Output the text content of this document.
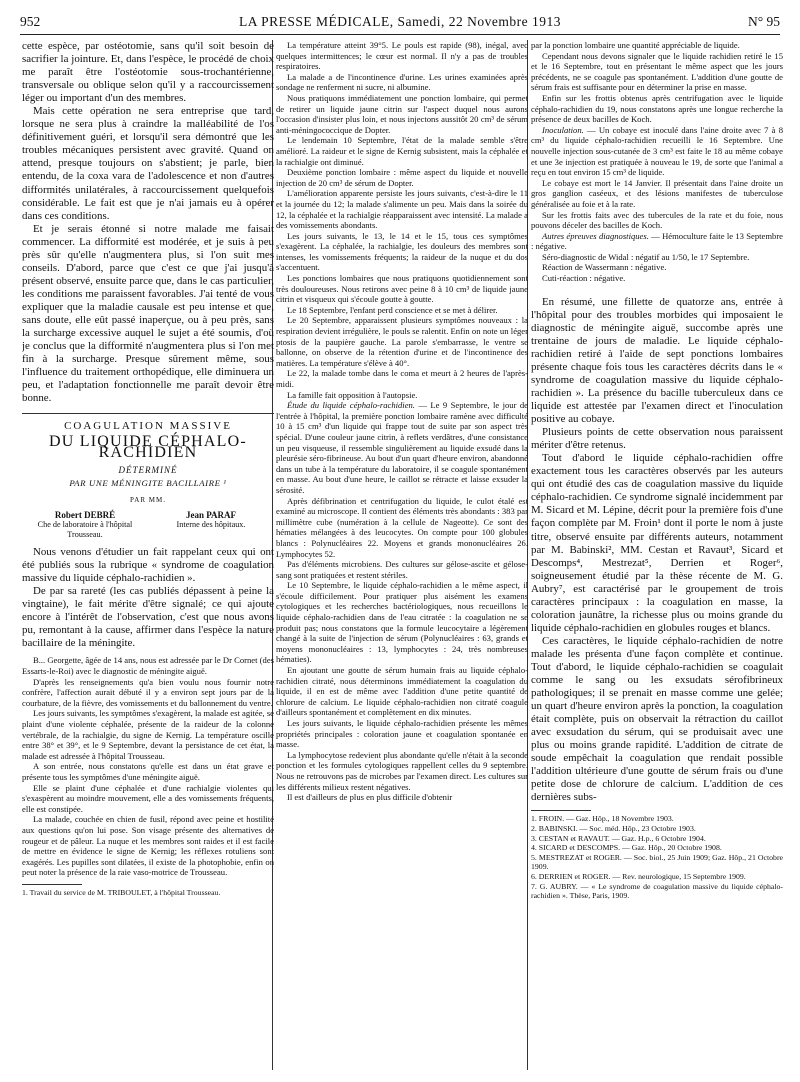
LA PRESSE MÉDICALE, Samedi, 22 Novembre 1913
952	N° 95

cette espèce, par ostéotomie, sans qu'il soit besoin de sacrifier la jointure. Et, dans l'espèce, le procédé de choix me paraît être l'ostéotomie sous-trochantérienne, transversale ou oblique selon qu'il y a raccourcissement léger ou important d'un des membres.

Mais cette opération ne sera entreprise que tard, lorsque ne sera plus à craindre la malléabilité de l'os définitivement guéri, et lorsqu'il sera démontré que les troubles mécaniques persistent avec gravité. Quand on attend, presque toujours on s'abstient; je parle, bien entendu, de la coxa vara de l'adolescence et non d'autres difformités unilatérales, à raccourcissement quelquefois considérable. Le fait est que je n'ai jamais eu à opérer dans ces conditions.

Et je serais étonné si notre malade me faisait commencer. La difformité est modérée, et je suis à peu près sûr qu'elle n'augmentera plus, si l'on suit mes conseils. D'abord, parce que c'est ce que j'ai jusqu'à présent observé, ensuite parce que, dans le cas particulier, les conditions me paraissent favorables. J'ai tenté de vous expliquer que la maladie causale est peu intense et que, sans doute, elle eût passé inaperçue, ou à peu près, sans la surcharge excessive auquel le sujet a été soumis, d'où je conclus que la difformité n'augmentera plus si l'on met fin à la surcharge. Presque sûrement même, sous l'influence du traitement orthopédique, elle diminuera un peu, et l'adaptation fonctionnelle me paraît devoir être bonne.

COAGULATION MASSIVE
DU LIQUIDE CÉPHALO-RACHIDIEN
DÉTERMINÉ
PAR UNE MÉNINGITE BACILLAIRE ¹
PAR MM.
Robert DEBRÉ
Che de laboratoire à l'hôpital Trousseau.
Jean PARAF
Interne des hôpitaux.

Nous venons d'étudier un fait rappelant ceux qui ont été publiés sous la rubrique « syndrome de coagulation massive du liquide céphalo-rachidien ».

De par sa rareté (les cas publiés dépassent à peine la vingtaine), le fait mérite d'être signalé; ce qui ajoute encore à l'intérêt de l'observation, c'est que nous avons pu, remontant à la cause, affirmer dans l'espèce la nature bacillaire de la méningite.

B... Georgette, âgée de 14 ans, nous est adressée par le Dr Cornet (des Essarts-le-Roi) avec le diagnostic de méningite aiguë.

D'après les renseignements qu'a bien voulu nous fournir notre confrère, l'affection aurait débuté il y a environ sept jours par de la courbature, de la fièvre, des vomissements et du ballonnement du ventre.

Les jours suivants, les symptômes s'exagèrent, la malade est agitée, se plaint d'une violente céphalée, présente de la raideur de la colonne vertébrale, de la rachialgie, du signe de Kernig. La température oscille entre 38° et 39°, et le 9 Septembre, devant la persistance de cet état, la malade est adressée à l'hôpital Trousseau.

A son entrée, nous constatons qu'elle est dans un état grave et présente tous les symptômes d'une méningite aiguë.

Elle se plaint d'une céphalée et d'une rachialgie violentes qui s'exaspèrent au moindre mouvement, elle a des vomissements fréquents, elle est constipée.

La malade, couchée en chien de fusil, répond avec peine et hostilité aux questions qu'on lui pose. Son visage présente des alternatives de rougeur et de pâleur. La nuque et les membres sont raides et il est facile de mettre en évidence le signe de Kernig; les réflexes rotuliens sont exagérés. Les pupilles sont dilatées, il existe de la photophobie, enfin on peut noter la présence de la raie vaso-motrice de Trousseau.

1. Travail du service de M. TRIBOULET, à l'hôpital Trousseau.

La température atteint 39°5. Le pouls est rapide (98), inégal, avec quelques intermittences; le cœur est normal. Il n'y a pas de troubles respiratoires.

La malade a de l'incontinence d'urine. Les urines examinées après sondage ne renferment ni sucre, ni albumine.

Nous pratiquons immédiatement une ponction lombaire, qui permet de retirer un liquide jaune citrin sur l'aspect duquel nous aurons l'occasion d'insister plus loin, et nous injectons aussitôt 20 cm³ de sérum anti-méningococcique de Dopter.

Le lendemain 10 Septembre, l'état de la malade semble s'être amélioré. La raideur et le signe de Kernig subsistent, mais la céphalée et la rachialgie ont diminué.

Deuxième ponction lombaire : même aspect du liquide et nouvelle injection de 20 cm³ de sérum de Dopter.

L'amélioration apparente persiste les jours suivants, c'est-à-dire le 11 et la journée du 12; la malade s'alimente un peu. Mais dans la soirée du 12, la céphalée et la rachialgie réapparaissent avec intensité. La malade a des vomissements abondants.

Les jours suivants, le 13, le 14 et le 15, tous ces symptômes s'exagèrent. La céphalée, la rachialgie, les douleurs des membres sont intenses, les vomissements fréquents; la raideur de la nuque et du dos s'accentuent.

Les ponctions lombaires que nous pratiquons quotidiennement sont très douloureuses. Nous retirons avec peine 8 à 10 cm³ de liquide jaune citrin et visqueux qui s'écoule goutte à goutte.

Le 18 Septembre, l'enfant perd conscience et se met à délirer.

Le 20 Septembre, apparaissent plusieurs symptômes nouveaux : la respiration devient irrégulière, le pouls se ralentit. Enfin on note un léger ptosis de la paupière gauche. La parole s'embarrasse, le ventre se ballonne, on observe de la rétention d'urine et de l'incontinence des matières. La température s'élève à 40°.

Le 22, la malade tombe dans le coma et meurt à 2 heures de l'après-midi.

La famille fait opposition à l'autopsie.

Étude du liquide céphalo-rachidien. — Le 9 Septembre, le jour de l'entrée à l'hôpital, la première ponction lombaire ramène avec difficulté 10 à 15 cm³ d'un liquide qui frappe tout de suite par son aspect très spécial. D'une couleur jaune citrin, à reflets verdâtres, d'une consistance un peu visqueuse, il ressemble singulièrement au liquide exsudé dans la pleurésie séro-fibrineuse. Au bout d'un quart d'heure environ, abandonné dans un tube à la température du laboratoire, il se coagule spontanément en masse. Au bout d'une heure, le caillot se rétracte et laisse exsuder la sérosité.

Après défibrination et centrifugation du liquide, le culot étalé est examiné au microscope. Il contient des éléments très abondants : 383 par millimètre cube (numération à la cellule de Nageotte). Ce sont des hématies mélangées à des leucocytes. On compte pour 100 globules blancs : Polynucléaires 22. Moyens et grands mononucléaires 26. Lymphocytes 52.

Pas d'éléments microbiens. Des cultures sur gélose-ascite et gélose-sang sont pratiquées et restent stériles.

Le 10 Septembre, le liquide céphalo-rachidien a le même aspect, il s'écoule difficilement. Pour pratiquer plus aisément les examens cytologiques et les recherches bactériologiques, nous recueillons le liquide céphalo-rachidien dans de l'eau citratée : la coagulation ne se produit pas; nous constatons que la formule leucocytaire a légèrement changé à la suite de l'injection de sérum (Polynucléaires : 63, grands et moyens mononucléaires : 13, lymphocytes : 24, très nombreuses hématies).

En ajoutant une goutte de sérum humain frais au liquide céphalo-rachidien citraté, nous déterminons immédiatement la coagulation du liquide, il en est de même avec l'addition d'une petite quantité de chlorure de calcium. Le liquide céphalo-rachidien non citraté coagule d'ailleurs spontanément et complètement en dix minutes.

Les jours suivants, le liquide céphalo-rachidien présente les mêmes propriétés principales : coloration jaune et coagulation spontanée en masse.

La lymphocytose redevient plus abondante qu'elle n'était à la seconde ponction et les formules cytologiques rappellent celles du 9 septembre. Nous ne retrouvons pas de microbes par l'examen direct. Les cultures sur les différents milieux restent négatives.

Il est d'ailleurs de plus en plus difficile d'obtenir

par la ponction lombaire une quantité appréciable de liquide.

Cependant nous devons signaler que le liquide rachidien retiré le 15 et le 16 Septembre, tout en présentant le même aspect que les jours précédents, ne se coagule pas spontanément. L'addition d'une goutte de sérum frais est suffisante pour en déterminer la prise en masse.

Enfin sur les frottis obtenus après centrifugation avec le liquide céphalo-rachidien du 19, nous constatons après une longue recherche la présence de deux bacilles de Koch.

Inoculation. — Un cobaye est inoculé dans l'aine droite avec 7 à 8 cm³ du liquide céphalo-rachidien recueilli le 16 Septembre. Une nouvelle injection sous-cutanée de 3 cm³ est faite le 18 au même cobaye et une 3e injection est pratiquée à nouveau le 19, de sorte que l'animal a reçu en tout environ 15 cm³ de liquide.

Le cobaye est mort le 14 Janvier. Il présentait dans l'aine droite un gros ganglion caséeux, et des lésions manifestes de tuberculose généralisée au foie et à la rate.

Sur les frottis faits avec des tubercules de la rate et du foie, nous pouvons déceler des bacilles de Koch.

Autres épreuves diagnostiques. — Hémoculture faite le 13 Septembre : négative.

Séro-diagnostic de Widal : négatif au 1/50, le 17 Septembre.

Réaction de Wassermann : négative.

Cuti-réaction : négative.

En résumé, une fillette de quatorze ans, entrée à l'hôpital pour des troubles morbides qui imposaient le diagnostic de méningite aiguë, succombe après une trentaine de jours de maladie. Le liquide céphalo-rachidien retiré à l'aide de sept ponctions lombaires présente chaque fois tous les caractères décrits dans le « syndrome de coagulation massive du liquide céphalo-rachidien ». La présence du bacille tuberculeux dans ce liquide est attestée par l'examen direct et l'inoculation positive au cobaye.

Plusieurs points de cette observation nous paraissent mériter d'être retenus.

Tout d'abord le liquide céphalo-rachidien offre exactement tous les caractères observés par les auteurs qui ont étudié des cas de coagulation massive du liquide céphalo-rachidien. Ce syndrome signalé incidemment par M. Sicard et M. Lépine, décrit pour la première fois d'une façon complète par M. Froin¹ dont il porte le nom à juste titre, observé ensuite par différents auteurs, notamment par M. Babinski², MM. Cestan et Ravaut³, Sicard et Descomps⁴, Mestrezat⁵, Derrien et Roger⁶, soigneusement étudié par la thèse récente de M. G. Aubry⁷, est caractérisé par le groupement de trois caractères principaux : la coagulation en masse, la coloration jaunâtre, la richesse plus ou moins grande du liquide céphalo-rachidien en globules rouges et blancs.

Ces caractères, le liquide céphalo-rachidien de notre malade les présenta d'une façon complète et continue. Tout d'abord, le liquide céphalo-rachidien se coagulait comme le sang ou les exsudats sérofibrineux pathologiques; il se prenait en masse comme une gelée; un quart d'heure environ après la ponction, la coagulation était complète, puis on observait la rétraction du caillot avec exsudation du sérum, qui se produisait avec une plus ou moins grande rapidité. L'addition de citrate de soude empêchait la coagulation que rendait possible l'addition ultérieure d'une goutte de sérum frais ou d'une petite dose de chlorure de calcium. L'addition de ces dernières subs-

1. FROIN. — Gaz. Hôp., 18 Novembre 1903.

2. BABINSKI. — Soc. méd. Hôp., 23 Octobre 1903.

3. CESTAN et RAVAUT. — Gaz. H.p., 6 Octobre 1904.

4. SICARD et DESCOMPS. — Gaz. Hôp., 20 Octobre 1908.

5. MESTREZAT et ROGER. — Soc. biol., 25 Juin 1909; Gaz. Hôp., 21 Octobre 1909.

6. DERRIEN et ROGER. — Rev. neurologique, 15 Septembre 1909.

7. G. AUBRY. — « Le syndrome de coagulation massive du liquide céphalo-rachidien ». Thèse, Paris, 1909.
